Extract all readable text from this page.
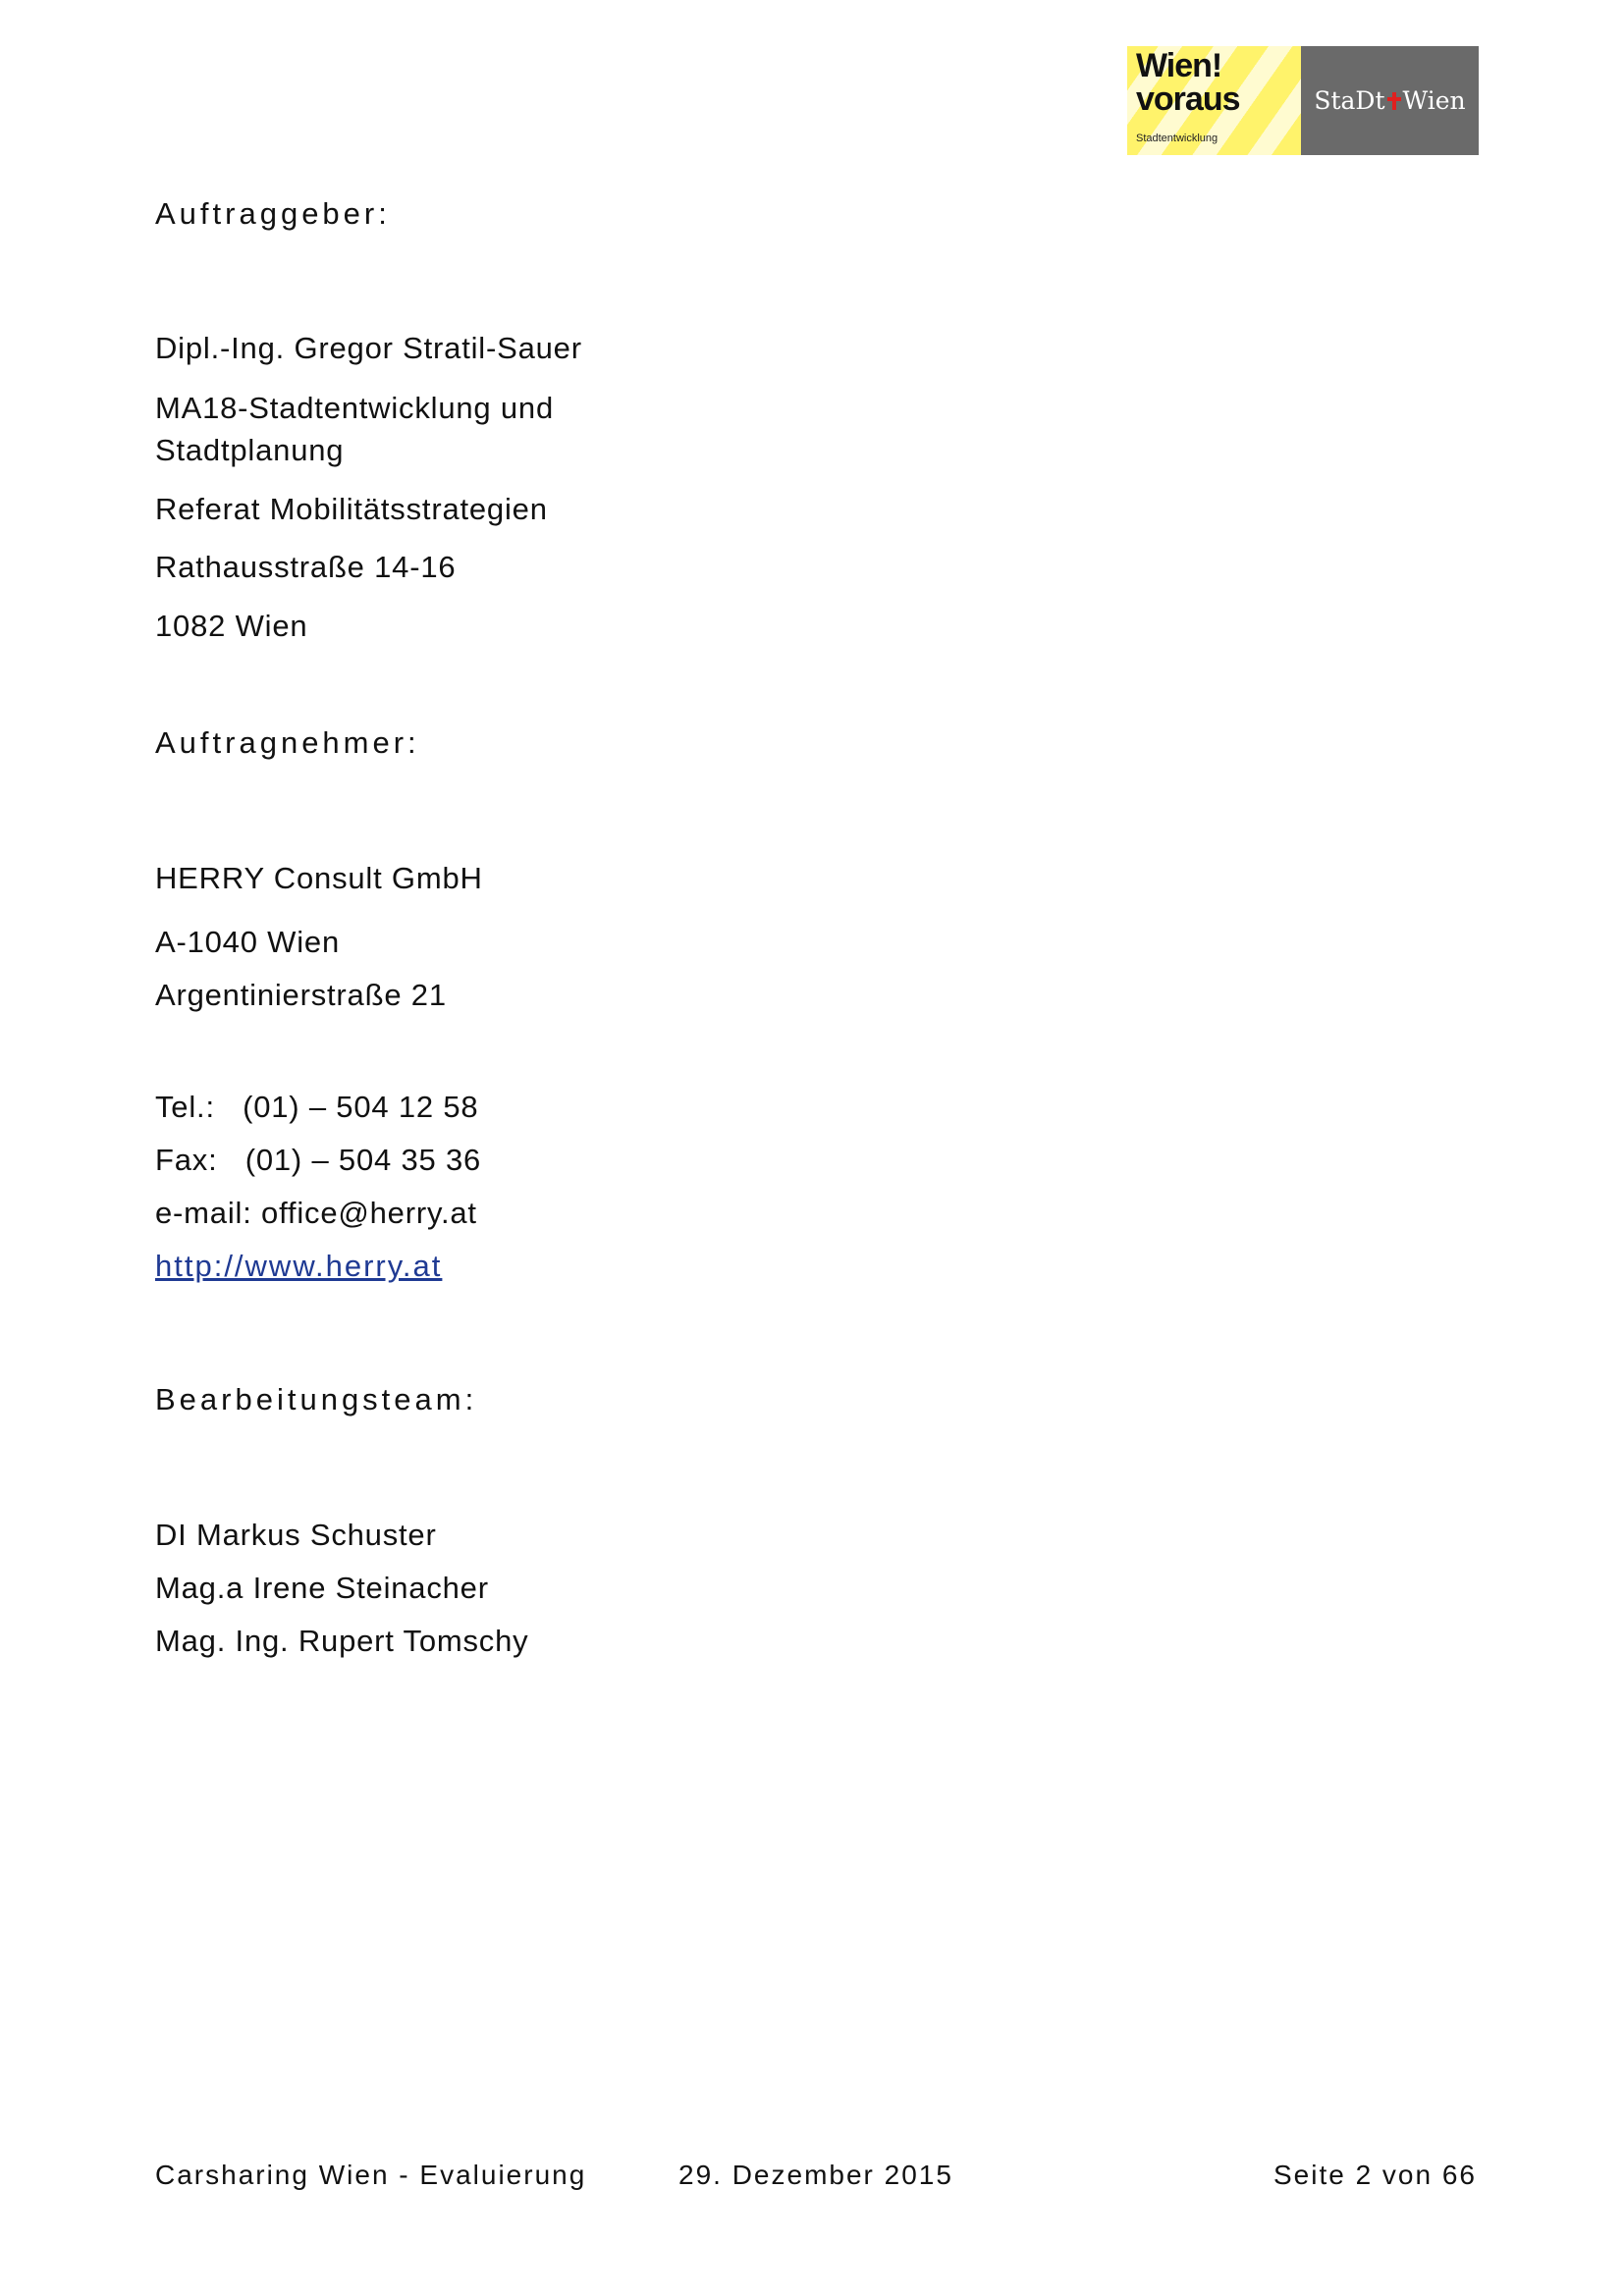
Wien!
voraus
Stadtentwicklung
StaDt Wien
Auftraggeber:
Dipl.-Ing. Gregor Stratil-Sauer
MA18-Stadtentwicklung und
Stadtplanung
Referat Mobilitätsstrategien
Rathausstraße 14-16
1082 Wien
Auftragnehmer:
HERRY Consult GmbH
A-1040 Wien
Argentinierstraße 21
Tel.:   (01) – 504 12 58
Fax:   (01) – 504 35 36
e-mail: office@herry.at
http://www.herry.at
Bearbeitungsteam:
DI Markus Schuster
Mag.a Irene Steinacher
Mag. Ing. Rupert Tomschy
Carsharing Wien - Evaluierung	29. Dezember 2015	Seite 2 von 66
